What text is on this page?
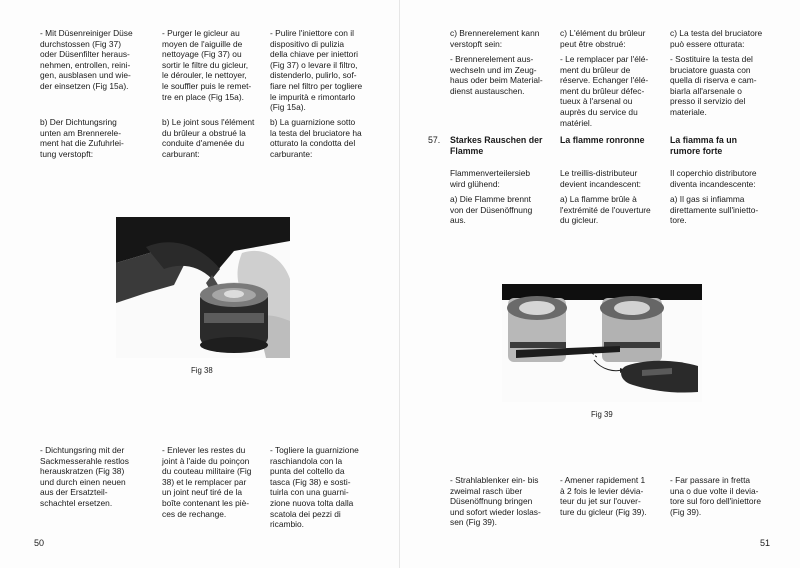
- Mit Düsenreiniger Düse
durchstossen (Fig 37)
oder Düsenfilter heraus-
nehmen, entrollen, reini-
gen, ausblasen und wie-
der einsetzen (Fig 15a).
- Purger le gicleur au
moyen de l'aiguille de
nettoyage (Fig 37) ou
sortir le filtre du gicleur,
le dérouler, le nettoyer,
le souffler puis le remet-
tre en place (Fig 15a).
- Pulire l'iniettore con il
dispositivo di pulizia
della chiave per iniettori
(Fig 37) o levare il filtro,
distenderlo, pulirlo, sof-
fiare nel filtro per togliere
le impurità e rimontarlo
(Fig 15a).
b) Der Dichtungsring
unten am Brennerele-
ment hat die Zufuhrlei-
tung verstopft:
b) Le joint sous l'élément
du brûleur a obstrué la
conduite d'amenée du
carburant:
b) La guarnizione sotto
la testa del bruciatore ha
otturato la condotta del
carburante:
Fig 38
- Dichtungsring mit der
Sackmesserahle restlos
herauskratzen (Fig 38)
und durch einen neuen
aus der Ersatzteil-
schachtel ersetzen.
- Enlever les restes du
joint à l'aide du poinçon
du couteau militaire (Fig
38) et le remplacer par
un joint neuf tiré de la
boîte contenant les piè-
ces de rechange.
- Togliere la guarnizione
raschiandola con la
punta del coltello da
tasca (Fig 38) e sosti-
tuirla con una guarni-
zione nuova tolta dalla
scatola dei pezzi di
ricambio.
50
c) Brennerelement kann
verstopft sein:
c) L'élément du brûleur
peut être obstrué:
c) La testa del bruciatore
può essere otturata:
- Brennerelement aus-
wechseln und im Zeug-
haus oder beim Material-
dienst austauschen.
- Le remplacer par l'élé-
ment du brûleur de
réserve. Echanger l'élé-
ment du brûleur défec-
tueux à l'arsenal ou
auprès du service du
matériel.
- Sostituire la testa del
bruciatore guasta con
quella di riserva e cam-
biarla all'arsenale o
presso il servizio del
materiale.
57. Starkes Rauschen der
Flamme
La flamme ronronne	La fiamma fa un
rumore forte
Flammenverteilersieb
wird glühend:
Le treillis-distributeur
devient incandescent:
Il coperchio distributore
diventa incandescente:
a) Die Flamme brennt
von der Düsenöffnung
aus.
a) La flamme brûle à
l'extrémité de l'ouverture
du gicleur.
a) Il gas si infiamma
direttamente sull'inietto-
tore.
Fig 39
- Strahlablenker ein- bis
zweimal rasch über
Düsenöffnung bringen
und sofort wieder loslas-
sen (Fig 39).
- Amener rapidement 1
à 2 fois le levier dévia-
teur du jet sur l'ouver-
ture du gicleur (Fig 39).
- Far passare in fretta
una o due volte il devia-
tore sul foro dell'iniettore
(Fig 39).
51
